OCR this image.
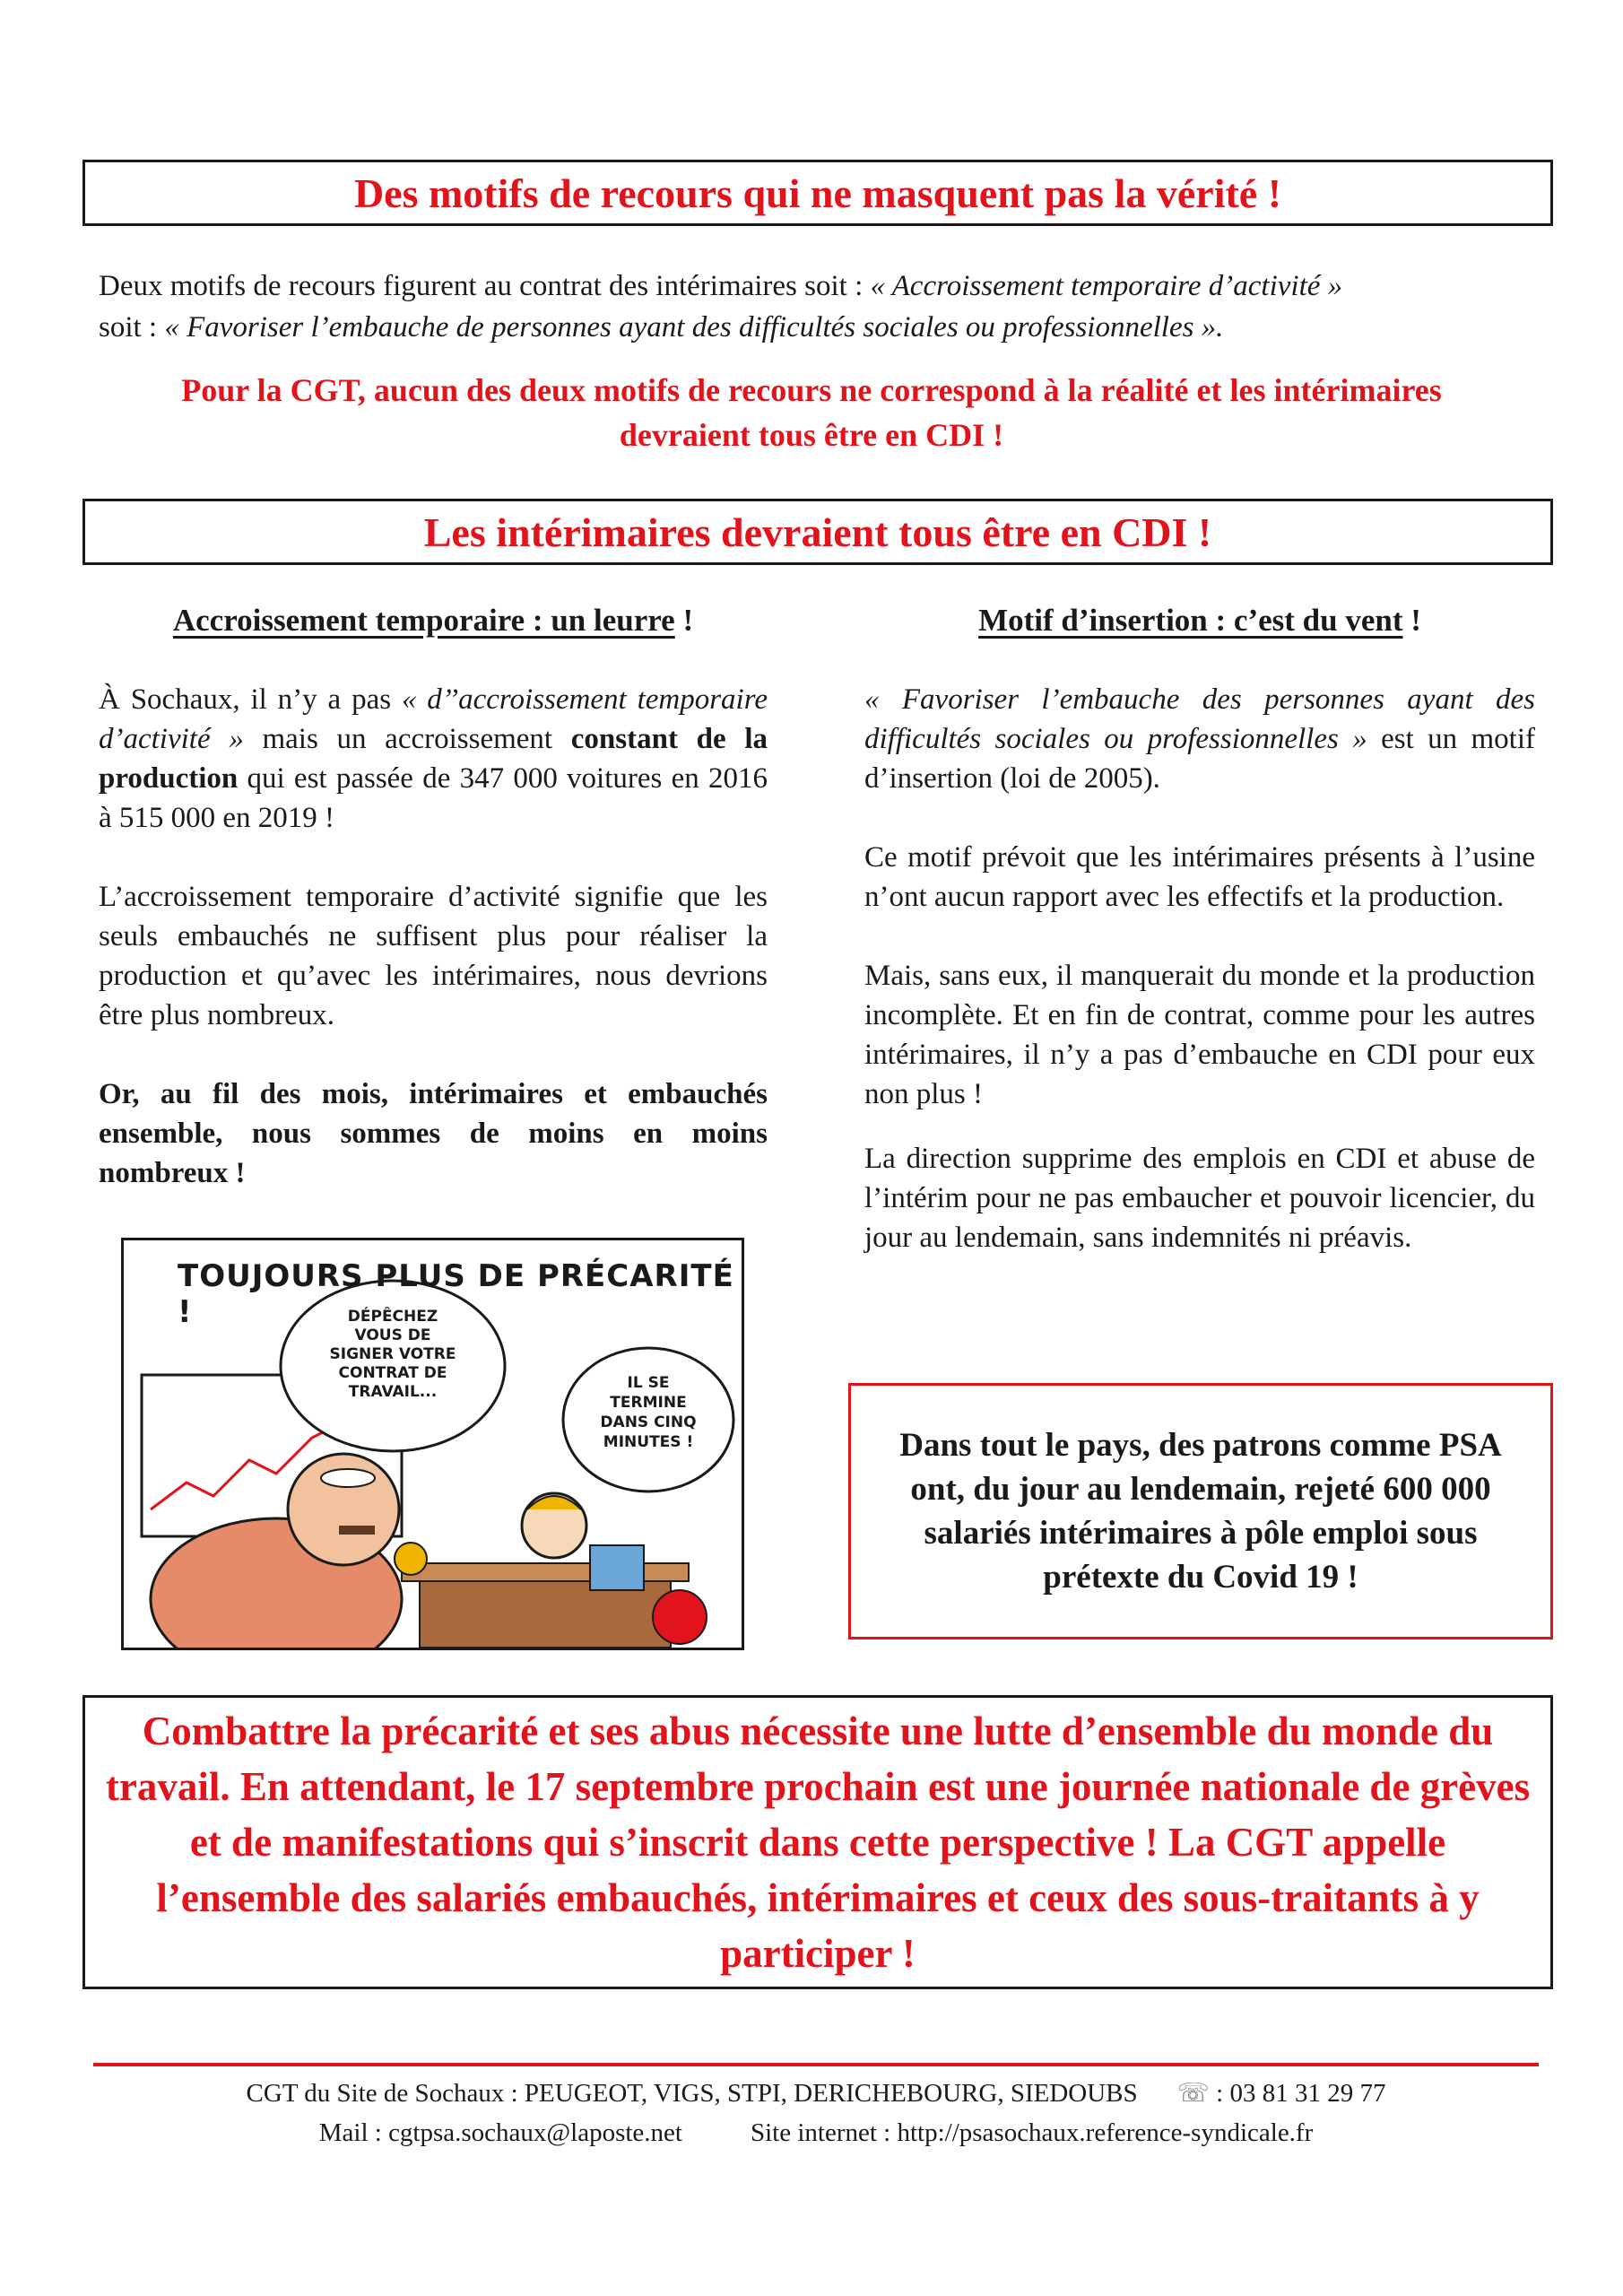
Des motifs de recours qui ne masquent pas la vérité !

Deux motifs de recours figurent au contrat des intérimaires soit : « Accroissement temporaire d’activité »
soit : « Favoriser l’embauche de personnes ayant des difficultés sociales ou professionnelles ».

Pour la CGT, aucun des deux motifs de recours ne correspond à la réalité et les intérimaires devraient tous être en CDI !
Les intérimaires devraient tous être en CDI !
Accroissement temporaire : un leurre !

À Sochaux, il n’y a pas « d’’accroissement temporaire d’activité » mais un accroissement constant de la production qui est passée de 347 000 voitures en 2016 à 515 000 en 2019 !

L’accroissement temporaire d’activité signifie que les seuls embauchés ne suffisent plus pour réaliser la production et qu’avec les intérimaires, nous devrions être plus nombreux.

Or, au fil des mois, intérimaires et embauchés ensemble, nous sommes de moins en moins nombreux !

TOUJOURS PLUS DE PRÉCARITÉ !	DÉPÊCHEZ
VOUS DE
SIGNER VOTRE
CONTRAT DE
TRAVAIL...	IL SE
TERMINE
DANS CINQ
MINUTES !
Motif d’insertion : c’est du vent !

« Favoriser l’embauche des personnes ayant des difficultés sociales ou professionnelles » est un motif d’insertion (loi de 2005).

Ce motif prévoit que les intérimaires présents à l’usine n’ont aucun rapport avec les effectifs et la production.

Mais, sans eux, il manquerait du monde et la production incomplète. Et en fin de contrat, comme pour les autres intérimaires, il n’y a pas d’embauche en CDI pour eux non plus !

La direction supprime des emplois en CDI et abuse de l’intérim pour ne pas embaucher et pouvoir licencier, du jour au lendemain, sans indemnités ni préavis.

Dans tout le pays, des patrons comme PSA ont, du jour au lendemain, rejeté 600 000 salariés intérimaires à pôle emploi sous prétexte du Covid 19 !
Combattre la précarité et ses abus nécessite une lutte d’ensemble du monde du travail. En attendant, le 17 septembre prochain est une journée nationale de grèves et de manifestations qui s’inscrit dans cette perspective ! La CGT appelle l’ensemble des salariés embauchés, intérimaires et ceux des sous-traitants à y participer !
CGT du Site de Sochaux : PEUGEOT, VIGS, STPI, DERICHEBOURG, SIEDOUBS ☏ : 03 81 31 29 77
Mail : cgtpsa.sochaux@laposte.net	Site internet : http://psasochaux.reference-syndicale.fr
